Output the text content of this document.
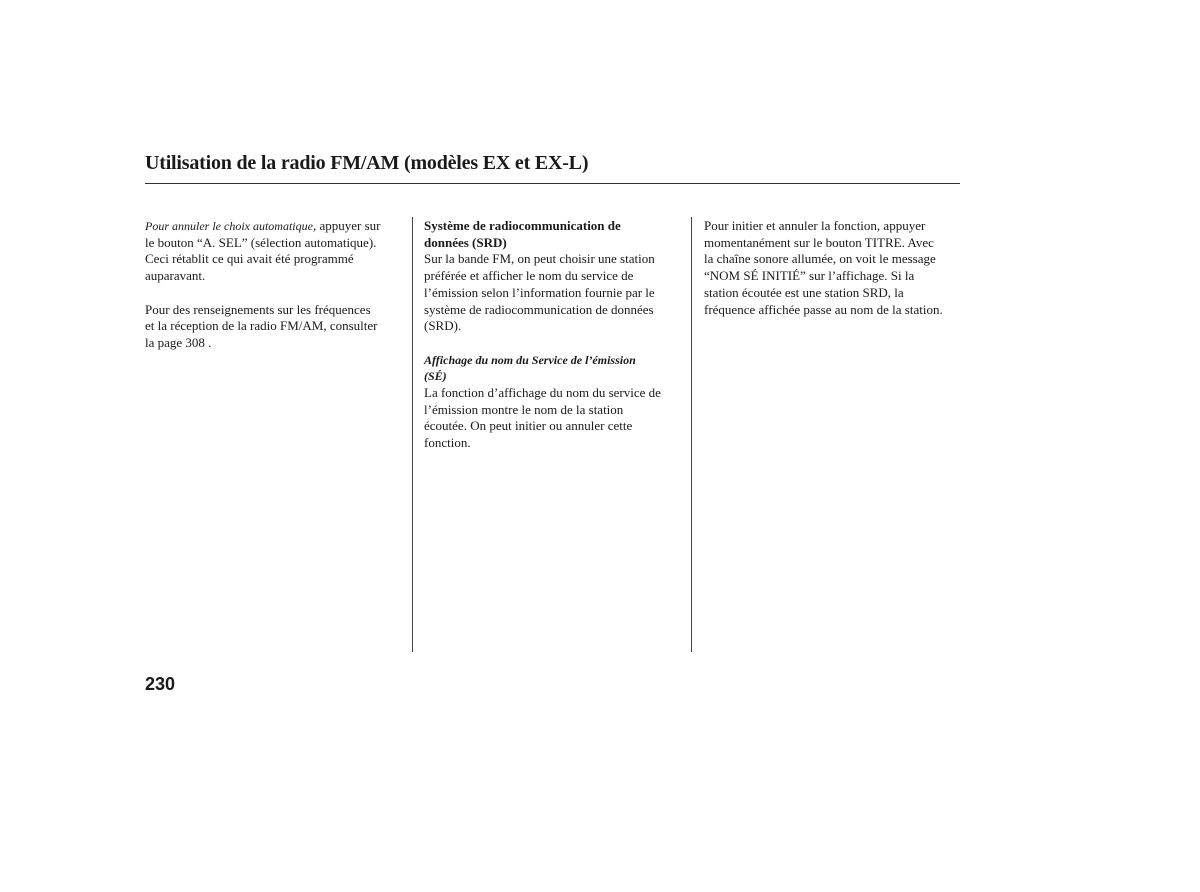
Utilisation de la radio FM/AM (modèles EX et EX-L)

Pour annuler le choix automatique, appuyer sur
le bouton “A. SEL” (sélection automatique).
Ceci rétablit ce qui avait été programmé
auparavant.

Pour des renseignements sur les fréquences
et la réception de la radio FM/AM, consulter
la page 308 .

Système de radiocommunication de
données (SRD)

Sur la bande FM, on peut choisir une station
préférée et afficher le nom du service de
l’émission selon l’information fournie par le
système de radiocommunication de données
(SRD).

Affichage du nom du Service de l’émission
(SÉ)

La fonction d’affichage du nom du service de
l’émission montre le nom de la station
écoutée. On peut initier ou annuler cette
fonction.

Pour initier et annuler la fonction, appuyer
momentanément sur le bouton TITRE. Avec
la chaîne sonore allumée, on voit le message
“NOM SÉ INITIÉ” sur l’affichage. Si la
station écoutée est une station SRD, la
fréquence affichée passe au nom de la station.

230
